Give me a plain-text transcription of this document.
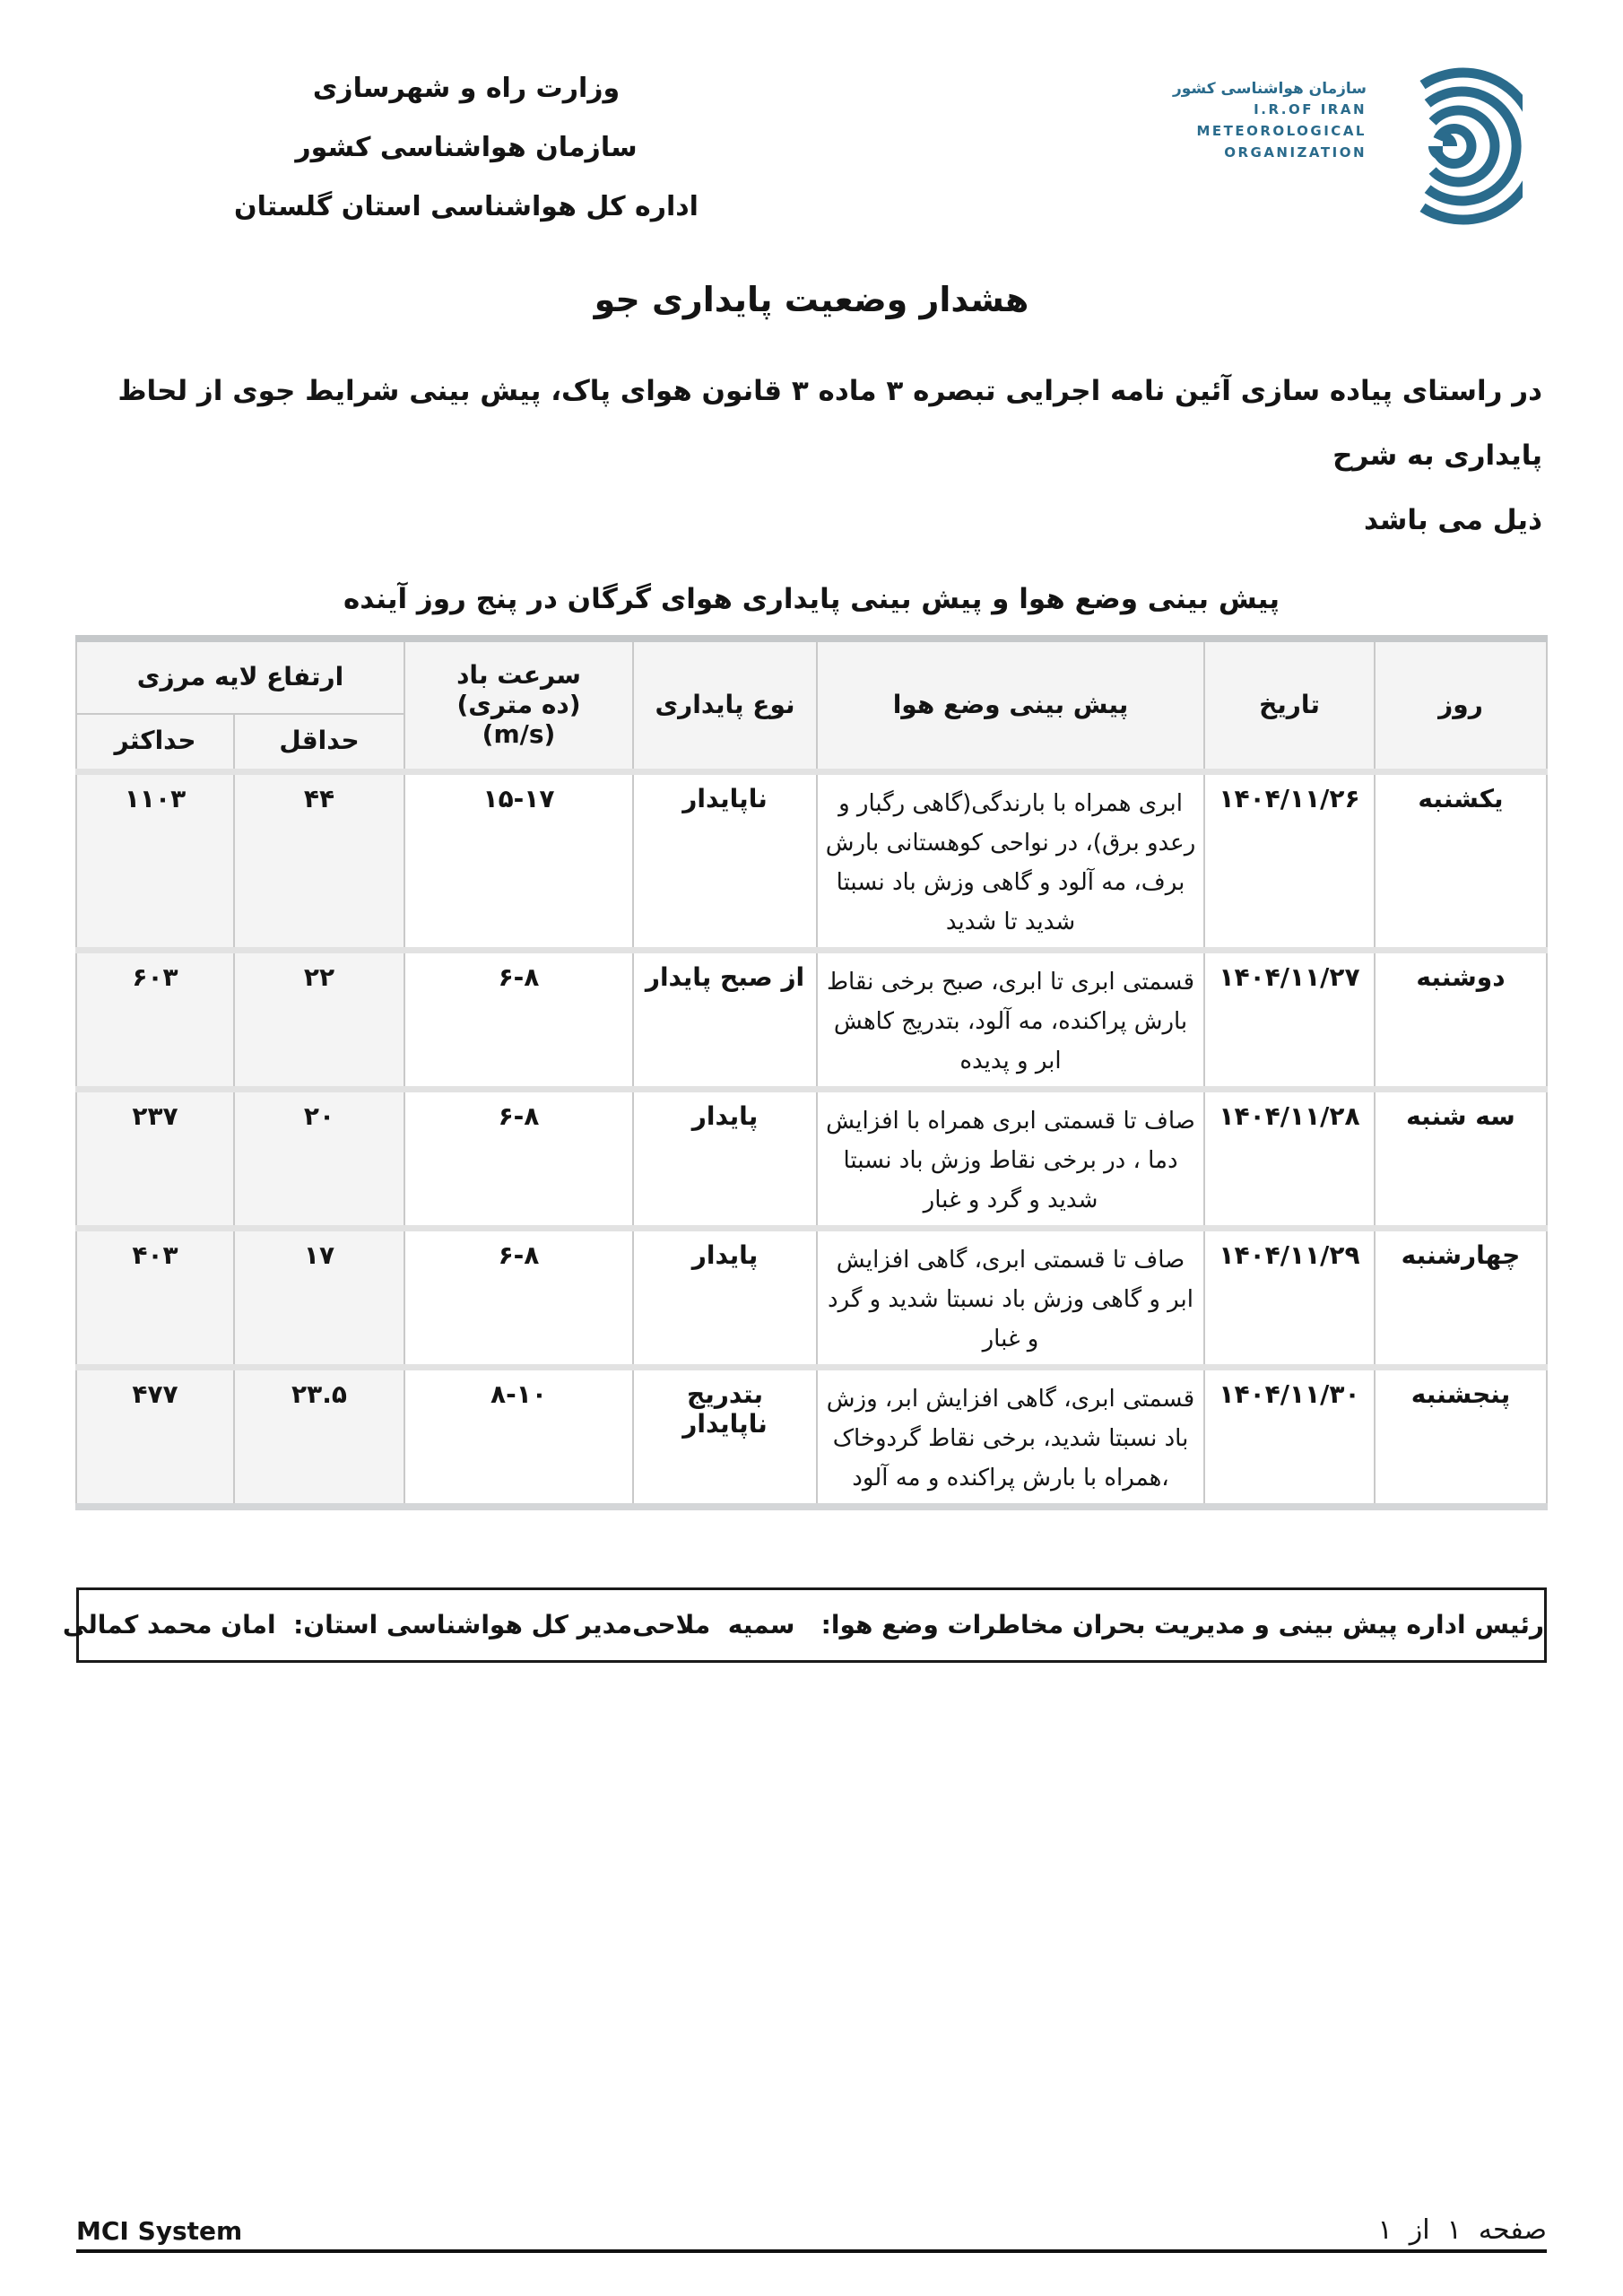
وزارت راه و شهرسازی
سازمان هواشناسی کشور
اداره کل هواشناسی استان گلستان
سازمان هواشناسی کشور
I.R.OF IRAN
METEOROLOGICAL
ORGANIZATION
هشدار وضعیت پایداری جو
در راستای پیاده سازی آئین نامه اجرایی تبصره ۳ ماده ۳ قانون هوای پاک، پیش بینی شرایط جوی از لحاظ پایداری به شرح
ذیل می باشد
پیش بینی وضع هوا و پیش بینی پایداری هوای گرگان در پنج روز آینده
روز	تاریخ	پیش بینی وضع هوا	نوع پایداری	سرعت باد
(ده متری)
(m/s)	ارتفاع لایه مرزی	
					حداقل	حداکثر
یکشنبه	۱۴۰۴/۱۱/۲۶	ابری همراه با بارندگی(گاهی رگبار و رعدو برق)، در نواحی کوهستانی بارش برف، مه آلود و گاهی وزش باد نسبتا شدید تا شدید	ناپایدار	۱۵-۱۷	۴۴	۱۱۰۳
دوشنبه	۱۴۰۴/۱۱/۲۷	قسمتی ابری تا ابری، صبح برخی نقاط بارش پراکنده، مه آلود، بتدریج کاهش ابر و پدیده	از صبح پایدار	۶-۸	۲۲	۶۰۳
سه شنبه	۱۴۰۴/۱۱/۲۸	صاف تا قسمتی ابری همراه با افزایش دما ، در برخی نقاط وزش باد نسبتا شدید و گرد و غبار	پایدار	۶-۸	۲۰	۲۳۷
چهارشنبه	۱۴۰۴/۱۱/۲۹	صاف تا قسمتی ابری، گاهی افزایش ابر و گاهی وزش باد نسبتا شدید و گرد و غبار	پایدار	۶-۸	۱۷	۴۰۳
پنجشنبه	۱۴۰۴/۱۱/۳۰	قسمتی ابری، گاهی افزایش ابر، وزش باد نسبتا شدید، برخی نقاط گردوخاک ،همراه با بارش پراکنده و مه آلود	بتدریج ناپایدار	۸-۱۰	۲۳.۵	۴۷۷
رئیس اداره پیش بینی و مدیریت بحران مخاطرات وضع هوا:   سمیه  ملاحی
مدیر کل هواشناسی استان:  امان محمد کمالی
MCI System	صفحه  ۱  از  ۱
